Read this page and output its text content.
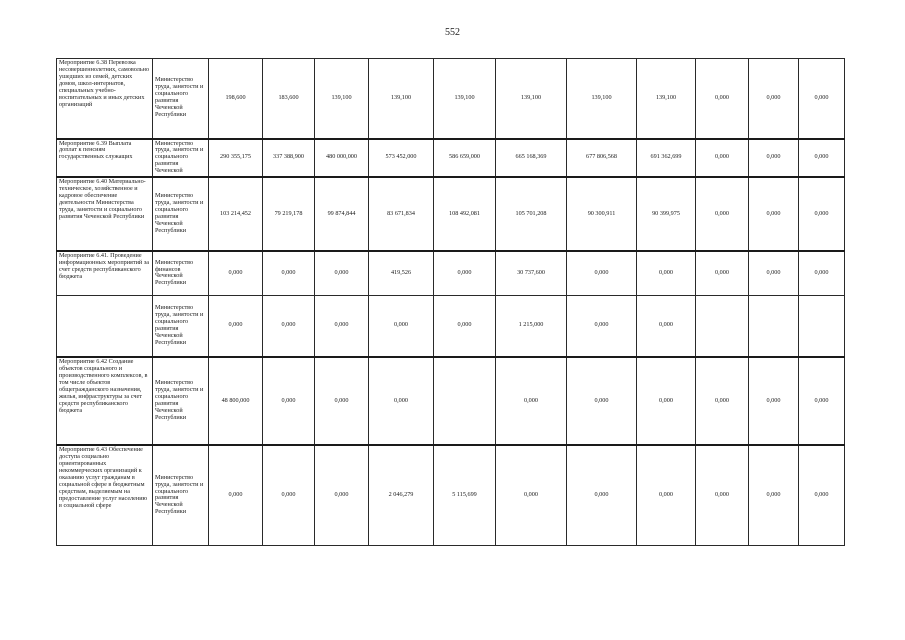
552
Мероприятие 6.38 Перевозка несовершеннолетних, самовольно ушедших из семей, детских домов, школ-интернатов, специальных учебно-воспитательных и иных детских организаций	Министерство труда, занятости и социального развития Чеченской Республики	198,600	183,600	139,100	139,100	139,100	139,100	139,100	139,100	0,000	0,000	0,000
Мероприятие 6.39 Выплата доплат к пенсиям государственных служащих	Министерство труда, занятости и социального развития Чеченской	290 355,175	337 388,900	480 000,000	573 452,000	586 659,000	665 168,369	677 806,568	691 362,699	0,000	0,000	0,000
Мероприятие 6.40 Материально-техническое, хозяйственное и кадровое обеспечение деятельности Министерства труда, занятости и социального развития Чеченской Республики	Министерство труда, занятости и социального развития Чеченской Республики	103 214,452	79 219,178	99 874,844	83 671,834	108 492,081	105 701,208	90 300,911	90 399,975	0,000	0,000	0,000
Мероприятие 6.41. Проведение информационных мероприятий за счет средств республиканского бюджета	Министерство финансов Чеченской Республики	0,000	0,000	0,000	419,526	0,000	30 737,600	0,000	0,000	0,000	0,000	0,000
	Министерство труда, занятости и социального развития Чеченской Республики	0,000	0,000	0,000	0,000	0,000	1 215,000	0,000	0,000			
Мероприятие 6.42 Создание объектов социального и производственного комплексов, в том числе объектов общегражданского назначения, жилья, инфраструктуры за счет средств республиканского бюджета	Министерство труда, занятости и социального развития Чеченской Республики	48 800,000	0,000	0,000	0,000		0,000	0,000	0,000	0,000	0,000	0,000
Мероприятие 6.43 Обеспечение доступа социально ориентированных некоммерческих организаций к оказанию услуг гражданам в социальной сфере в бюджетным средствам, выделяемым на предоставление услуг населению в социальной сфере	Министерство труда, занятости и социального развития Чеченской Республики	0,000	0,000	0,000	2 046,279	5 115,699	0,000	0,000	0,000	0,000	0,000	0,000
